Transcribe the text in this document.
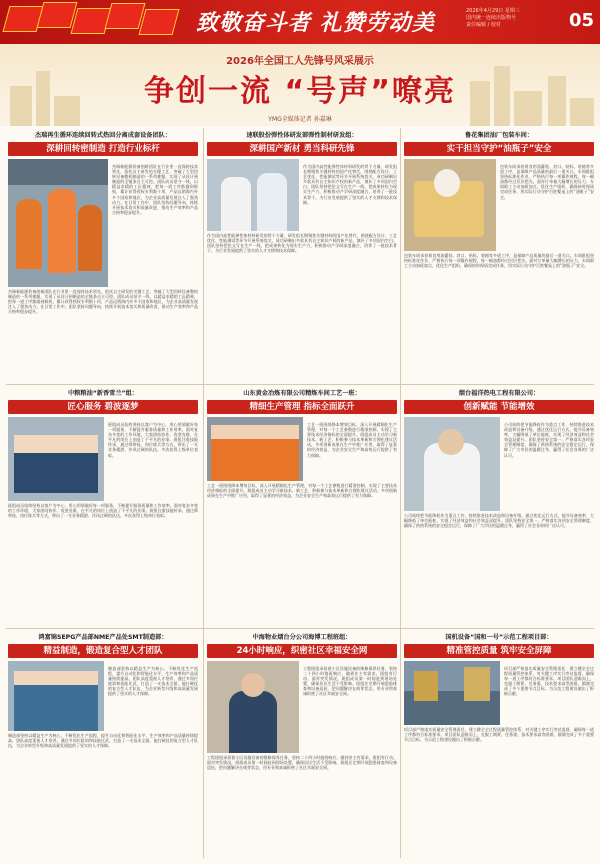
致敬奋斗者 礼赞劳动美	2026年4月29日 星期三
国内统一连续出版物号
责任编辑 / 校对	05
2026年全国工人先锋号风采展示
争创一流 “号声”嘹亮
YMG全媒体记者 孙嘉琳
杰瑞再生循环连续回转式热回分离成套设备团队：
深耕回转密制造 打造行业标杆
杰瑞新能源装备创新团队在行业里一直保持技术领先，依托自主研发的关键工艺，突破了大型回转设备整机制造的一系列难题，实现了从设计到制造的全链条自主可控。团队成员坚守一线，以精益求精的工匠精神，把每一道工序都做到极致，累计获得授权专利数十项，产品远销海内外多个国家和地区，为企业高质量发展注入了强劲动力。在日常工作中，团队坚持问题导向，持续开展技术攻关和质量改进，推动生产效率和产品合格率稳步提升。
杰瑞新能源装备创新团队在行业里一直保持技术领先，依托自主研发的关键工艺，突破了大型回转设备整机制造的一系列难题，实现了从设计到制造的全链条自主可控。团队成员坚守一线，以精益求精的工匠精神，把每一道工序都做到极致，累计获得授权专利数十项，产品远销海内外多个国家和地区，为企业高质量发展注入了强劲动力。在日常工作中，团队坚持问题导向，持续开展技术攻关和质量改进，推动生产效率和产品合格率稳步提升。
速联股份弹性体研发部弹性制材研发组：
深耕国产新材 勇当科研先锋
作为国内高性能弹性体材料研发的骨干力量，研发组长期聚焦关键材料的国产化替代，围绕配方设计、工艺优化、性能测试等环节开展系统攻关，成功研制出多款具有自主知识产权的新产品，填补了多项国内空白。团队坚持把论文写在生产一线，把成果转化为现实生产力，积极推动产学研深度融合，培养了一批技术骨干，为行业发展提供了坚实的人才支撑和技术保障。
作为国内高性能弹性体材料研发的骨干力量，研发组长期聚焦关键材料的国产化替代，围绕配方设计、工艺优化、性能测试等环节开展系统攻关，成功研制出多款具有自主知识产权的新产品，填补了多项国内空白。团队坚持把论文写在生产一线，把成果转化为现实生产力，积极推动产学研深度融合，培养了一批技术骨干，为行业发展提供了坚实的人才支撑和技术保障。
鲁花集团油厂包装车间：
实干担当守护“油瓶子”安全
包装车间承担着食用油灌装、封口、贴标、装箱等多道工序，是保障产品质量的最后一道关口。车间班组坚持标准化作业，严格执行每一项操作规程，每一桶油都经过层层把关。面对订单量大幅增长的压力，车间职工主动加班加点，优化生产组织，确保按时保质完成任务，用实际行动守护百姓餐桌上的“油瓶子”安全。
包装车间承担着食用油灌装、封口、贴标、装箱等多道工序，是保障产品质量的最后一道关口。车间班组坚持标准化作业，严格执行每一项操作规程，每一桶油都经过层层把关。面对订单量大幅增长的压力，车间职工主动加班加点，优化生产组织，确保按时保质完成任务，用实际行动守护百姓餐桌上的“油瓶子”安全。
中粮粮油“新香雪兰”组：
匠心服务 碧波逐梦
班组成员始终坚持以客户为中心，用心用情做好每一项服务，不断提升服务质量和工作效率。面对复杂多变的工作环境，大家团结协作、攻坚克难，在平凡的岗位上创造了不平凡的业绩。班组注重技能传承，通过师带徒、岗位练兵等方式，带出了一支业务精湛、作风过硬的队伍，多次获得上级单位表彰。
班组成员始终坚持以客户为中心，用心用情做好每一项服务，不断提升服务质量和工作效率。面对复杂多变的工作环境，大家团结协作、攻坚克难，在平凡的岗位上创造了不平凡的业绩。班组注重技能传承，通过师带徒、岗位练兵等方式，带出了一支业务精湛、作风过硬的队伍，多次获得上级单位表彰。
山东黄金冶炼有限公司精炼车间工艺一班：
精细生产管理 指标全面跃升
工艺一班围绕降本增效目标，深入开展精细化生产管理，对每一个工艺参数进行精准控制，实现了主要技术经济指标的全面提升。班组成员主动学习新技术、新工艺，积极参与技术革新和合理化建议活动，多项创新成果在生产中推广应用，取得了显著的经济效益，为企业安全生产和高效运行提供了有力保障。
工艺一班围绕降本增效目标，深入开展精细化生产管理，对每一个工艺参数进行精准控制，实现了主要技术经济指标的全面提升。班组成员主动学习新技术、新工艺，积极参与技术革新和合理化建议活动，多项创新成果在生产中推广应用，取得了显著的经济效益，为企业安全生产和高效运行提供了有力保障。
烟台福洋热电工程有限公司：
创新赋能 节能增效
公司始终把节能降耗作为重点工作，持续推进技术改造和设备升级，通过优化运行方式、提升设备效率，大幅降低了单位能耗，实现了经济效益和社会效益双提升。团队坚持安全第一，严格落实各项安全管理制度，确保了供热系统的安全稳定运行，保障了广大市民的温暖过冬，赢得了社会各界的广泛认可。
公司始终把节能降耗作为重点工作，持续推进技术改造和设备升级，通过优化运行方式、提升设备效率，大幅降低了单位能耗，实现了经济效益和社会效益双提升。团队坚持安全第一，严格落实各项安全管理制度，确保了供热系统的安全稳定运行，保障了广大市民的温暖过冬，赢得了社会各界的广泛认可。
鸿富锦SEPG产品部NME产品处SMT制造部：
精益制造，锻造复合型人才团队
制造部坚持以精益生产为核心，不断优化生产流程，提升自动化和智能化水平，生产效率和产品质量持续提高。团队高度重视人才培养，通过多岗位轮训和技能比武，打造了一支技术全面、能打硬仗的复合型人才队伍，为企业转型升级和高质量发展提供了坚实的人才保障。
制造部坚持以精益生产为核心，不断优化生产流程，提升自动化和智能化水平，生产效率和产品质量持续提高。团队高度重视人才培养，通过多岗位轮训和技能比武，打造了一支技术全面、能打硬仗的复合型人才队伍，为企业转型升级和高质量发展提供了坚实的人才保障。
中海物业烟台分公司海博工程班组：
24小时响应，织密社区幸福安全网
工程班组承担着小区设施设备的维修保养任务，坚持二十四小时值班响应，做到业主有需求、班组有行动。面对突发情况，班组成员第一时间赶到现场处置，确保居民生活不受影响。班组还定期开展隐患排查和设备巡检，把问题解决在萌芽状态，用专业和真诚织密了社区幸福安全网。
工程班组承担着小区设施设备的维修保养任务，坚持二十四小时值班响应，做到业主有需求、班组有行动。面对突发情况，班组成员第一时间赶到现场处置，确保居民生活不受影响。班组还定期开展隐患排查和设备巡检，把问题解决在萌芽状态，用专业和真诚织密了社区幸福安全网。
国机设备“国和一号”示范工程项目部：
精准管控质量 筑牢安全屏障
项目部严格落实质量安全管理责任，建立健全全过程质量管控体系，对关键工序实行旁站监督，确保每一道工序都符合标准要求。项目团队迎难而上，克服工期紧、任务重、技术要求高等困难，圆满完成了多个重要节点目标，为示范工程建设做出了积极贡献。
项目部严格落实质量安全管理责任，建立健全全过程质量管控体系，对关键工序实行旁站监督，确保每一道工序都符合标准要求。项目团队迎难而上，克服工期紧、任务重、技术要求高等困难，圆满完成了多个重要节点目标，为示范工程建设做出了积极贡献。
